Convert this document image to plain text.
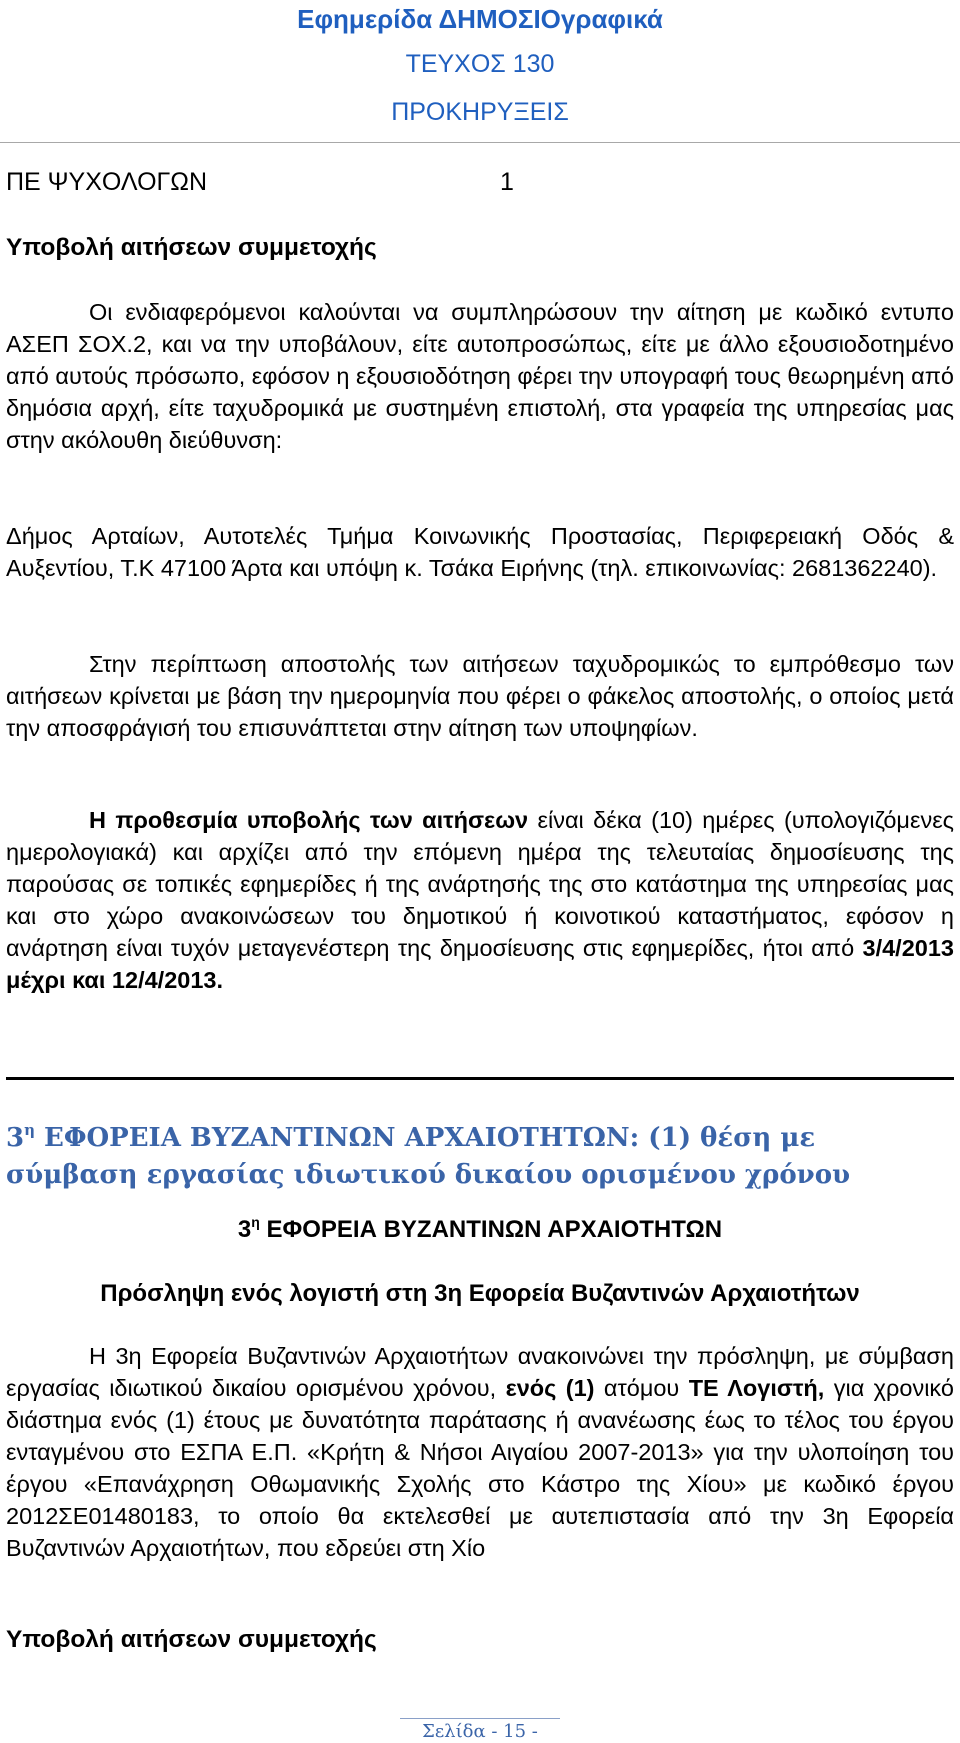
Εφημερίδα ΔΗΜΟΣΙΟγραφικά
ΤΕΥΧΟΣ 130
ΠΡΟΚΗΡΥΞΕΙΣ
ΠΕ ΨΥΧΟΛΟΓΩΝ	1

Υποβολή αιτήσεων συμμετοχής

Οι ενδιαφερόμενοι καλούνται να συμπληρώσουν την αίτηση με κωδικό εντυπο ΑΣΕΠ ΣΟΧ.2, και να την υποβάλουν, είτε αυτοπροσώπως, είτε με άλλο εξουσιοδοτημένο από αυτούς πρόσωπο, εφόσον η εξουσιοδότηση φέρει την υπογραφή τους θεωρημένη από δημόσια αρχή, είτε ταχυδρομικά με συστημένη επιστολή, στα γραφεία της υπηρεσίας μας στην ακόλουθη διεύθυνση:

Δήμος Αρταίων, Αυτοτελές Τμήμα Κοινωνικής Προστασίας, Περιφερειακή Οδός & Αυξεντίου, Τ.Κ 47100 Άρτα και υπόψη κ. Τσάκα Ειρήνης (τηλ. επικοινωνίας: 2681362240).

Στην περίπτωση αποστολής των αιτήσεων ταχυδρομικώς το εμπρόθεσμο των αιτήσεων κρίνεται με βάση την ημερομηνία που φέρει ο φάκελος αποστολής, ο οποίος μετά την αποσφράγισή του επισυνάπτεται στην αίτηση των υποψηφίων.

Η προθεσμία υποβολής των αιτήσεων είναι δέκα (10) ημέρες (υπολογιζόμενες ημερολογιακά) και αρχίζει από την επόμενη ημέρα της τελευταίας δημοσίευσης της παρούσας σε τοπικές εφημερίδες ή της ανάρτησής της στο κατάστημα της υπηρεσίας μας και στο χώρο ανακοινώσεων του δημοτικού ή κοινοτικού καταστήματος, εφόσον η ανάρτηση είναι τυχόν μεταγενέστερη της δημοσίευσης στις εφημερίδες, ήτοι από 3/4/2013 μέχρι και 12/4/2013.

$3^\eta$ ΕΦΟΡΕΙΑ ΒΥΖΑΝΤΙΝΩΝ ΑΡΧΑΙΟΤΗΤΩΝ: (1) θέση με σύμβαση εργασίας ιδιωτικού δικαίου ορισμένου χρόνου
$3^\eta$ ΕΦΟΡΕΙΑ ΒΥΖΑΝΤΙΝΩΝ ΑΡΧΑΙΟΤΗΤΩΝ
Πρόσληψη ενός λογιστή στη 3η Εφορεία Βυζαντινών Αρχαιοτήτων

Η 3η Εφορεία Βυζαντινών Αρχαιοτήτων ανακοινώνει την πρόσληψη, με σύμβαση εργασίας ιδιωτικού δικαίου ορισμένου χρόνου, ενός (1) ατόμου ΤΕ Λογιστή, για χρονικό διάστημα ενός (1) έτους με δυνατότητα παράτασης ή ανανέωσης έως το τέλος του έργου ενταγμένου στο ΕΣΠΑ Ε.Π. «Κρήτη & Νήσοι Αιγαίου 2007-2013» για την υλοποίηση του έργου «Επανάχρηση Οθωμανικής Σχολής στο Κάστρο της Χίου» με κωδικό έργου 2012ΣΕ01480183, το οποίο θα εκτελεσθεί με αυτεπιστασία από την 3η Εφορεία Βυζαντινών Αρχαιοτήτων, που εδρεύει στη Χίο

Υποβολή αιτήσεων συμμετοχής

Σελίδα - 15 -
